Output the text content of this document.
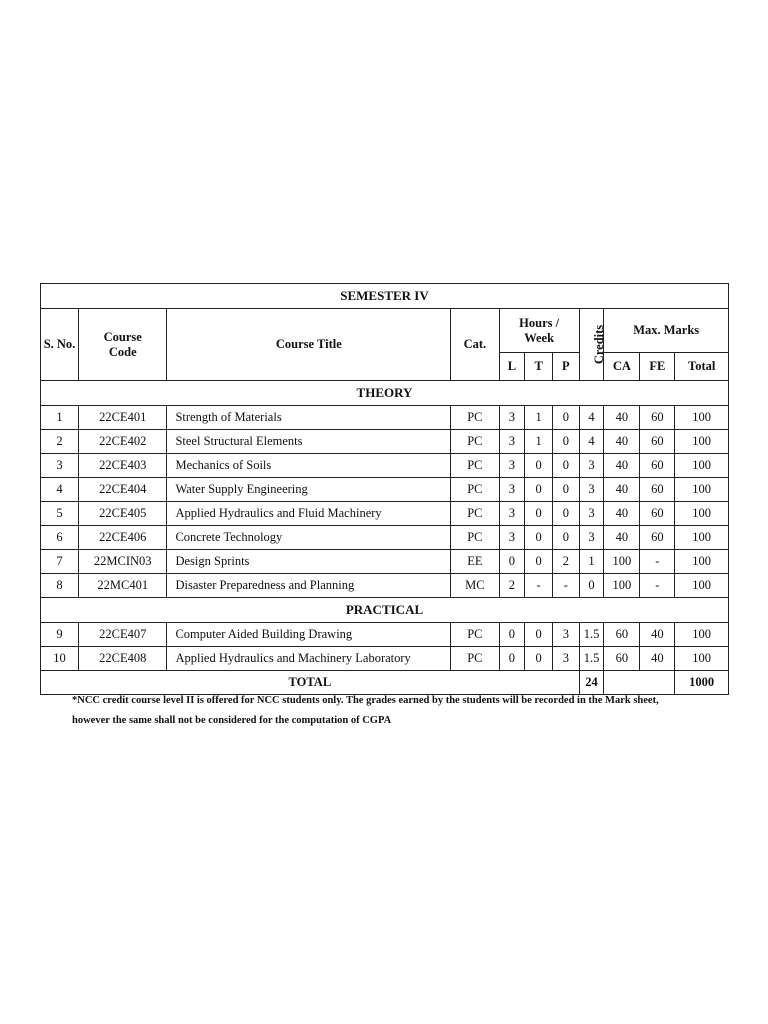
SEMESTER IV										
S. No.	Course Code	Course Title	Cat.	Hours / Week			Credits	Max. Marks		
				L	T	P		CA	FE	Total
THEORY										
1	22CE401	Strength of Materials	PC	3	1	0	4	40	60	100
2	22CE402	Steel Structural Elements	PC	3	1	0	4	40	60	100
3	22CE403	Mechanics of Soils	PC	3	0	0	3	40	60	100
4	22CE404	Water Supply Engineering	PC	3	0	0	3	40	60	100
5	22CE405	Applied Hydraulics and Fluid Machinery	PC	3	0	0	3	40	60	100
6	22CE406	Concrete Technology	PC	3	0	0	3	40	60	100
7	22MCIN03	Design Sprints	EE	0	0	2	1	100	-	100
8	22MC401	Disaster Preparedness and Planning	MC	2	-	-	0	100	-	100
PRACTICAL										
9	22CE407	Computer Aided Building Drawing	PC	0	0	3	1.5	60	40	100
10	22CE408	Applied Hydraulics and Machinery Laboratory	PC	0	0	3	1.5	60	40	100
TOTAL							24			1000

*NCC credit course level II is offered for NCC students only. The grades earned by the students will be recorded in the Mark sheet, however the same shall not be considered for the computation of CGPA
